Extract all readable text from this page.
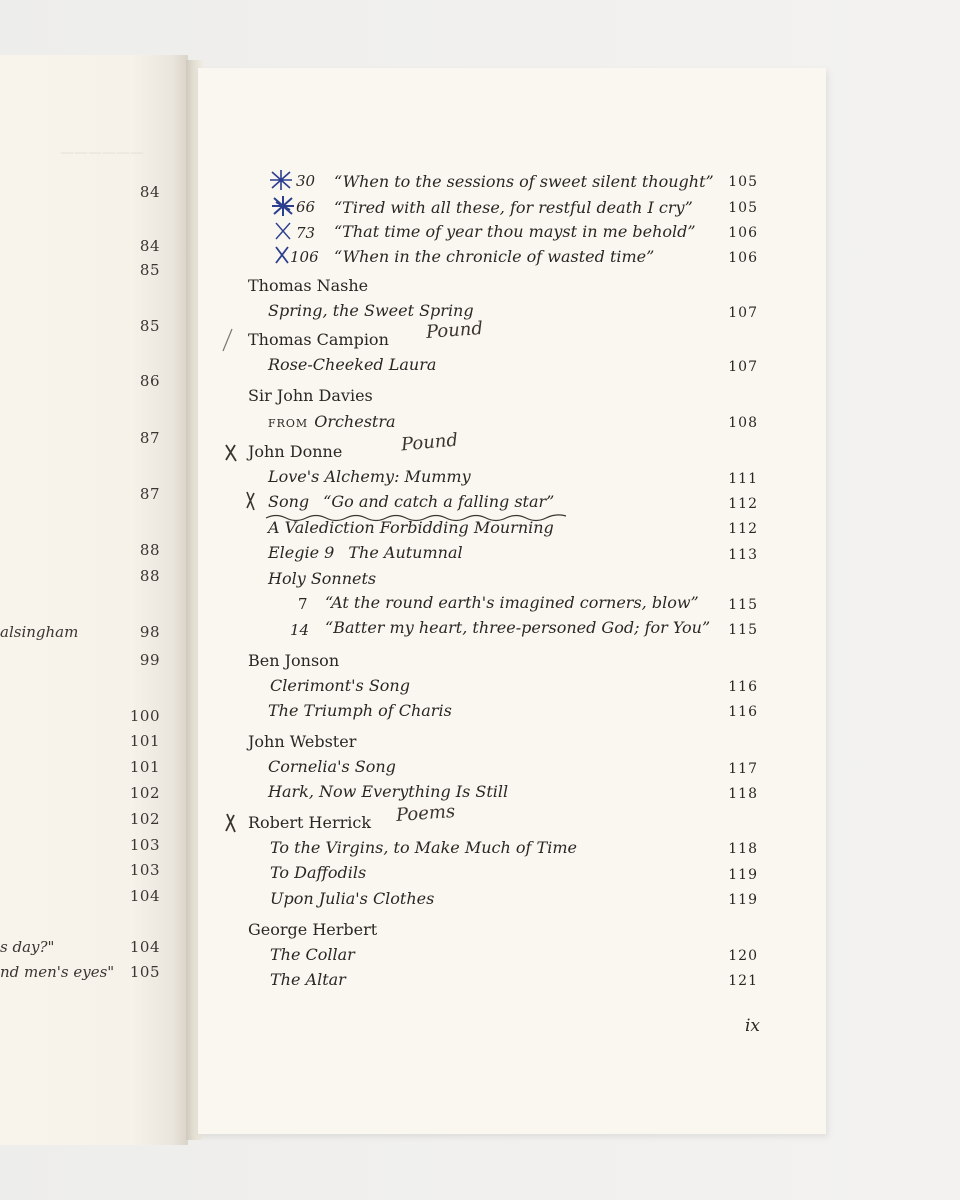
——————
84
84
85
85
86
87
87
88
88
alsingham	98
99
100
101
101
102
102
103
103
104
s day?"	104
nd men's eyes" 105
30 “When to the sessions of sweet silent thought” 105
66 “Tired with all these, for restful death I cry”	105
73 “That time of year thou mayst in me behold” 106
106 “When in the chronicle of wasted time”	106
Thomas Nashe
Spring, the Sweet Spring	107
Thomas Campion Pound
Rose-Cheeked Laura	107
Sir John Davies
FROM Orchestra	108
John Donne	Pound
Love's Alchemy: Mummy	111
Song “Go and catch a falling star”	112
A Valediction Forbidding Mourning	112
Elegie 9 The Autumnal	113
Holy Sonnets
7 “At the round earth's imagined corners, blow” 115
14 “Batter my heart, three-personed God; for You” 115
Ben Jonson
Clerimont's Song	116
The Triumph of Charis	116
John Webster
Cornelia's Song	117
Hark, Now Everything Is Still	118
Robert Herrick Poems
To the Virgins, to Make Much of Time	118
To Daffodils	119
Upon Julia's Clothes	119
George Herbert
The Collar	120
The Altar	121
ix
